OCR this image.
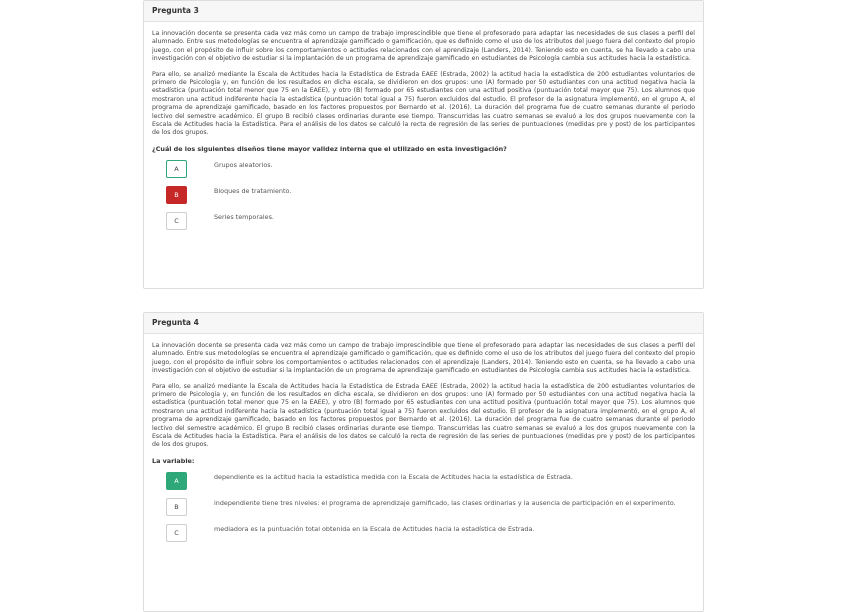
Pregunta 3

La innovación docente se presenta cada vez más como un campo de trabajo imprescindible que tiene el profesorado para adaptar las necesidades de sus clases a perfil del alumnado. Entre sus metodologías se encuentra el aprendizaje gamificado o gamificación, que es definido como el uso de los atributos del juego fuera del contexto del propio juego, con el propósito de influir sobre los comportamientos o actitudes relacionados con el aprendizaje (Landers, 2014). Teniendo esto en cuenta, se ha llevado a cabo una investigación con el objetivo de estudiar si la implantación de un programa de aprendizaje gamificado en estudiantes de Psicología cambia sus actitudes hacia la estadística.

Para ello, se analizó mediante la Escala de Actitudes hacia la Estadística de Estrada EAEE (Estrada, 2002) la actitud hacia la estadística de 200 estudiantes voluntarios de primero de Psicología y, en función de los resultados en dicha escala, se dividieron en dos grupos: uno (A) formado por 50 estudiantes con una actitud negativa hacia la estadística (puntuación total menor que 75 en la EAEE), y otro (B) formado por 65 estudiantes con una actitud positiva (puntuación total mayor que 75). Los alumnos que mostraron una actitud indiferente hacia la estadística (puntuación total igual a 75) fueron excluidos del estudio. El profesor de la asignatura implementó, en el grupo A, el programa de aprendizaje gamificado, basado en los factores propuestos por Bernardo et al. (2016). La duración del programa fue de cuatro semanas durante el periodo lectivo del semestre académico. El grupo B recibió clases ordinarias durante ese tiempo. Transcurridas las cuatro semanas se evaluó a los dos grupos nuevamente con la Escala de Actitudes hacia la Estadística. Para el análisis de los datos se calculó la recta de regresión de las series de puntuaciones (medidas pre y post) de los participantes de los dos grupos.

¿Cuál de los siguientes diseños tiene mayor validez interna que el utilizado en esta investigación?

A	Grupos aleatorios.
B	Bloques de tratamiento.
C	Series temporales.
Pregunta 4

La innovación docente se presenta cada vez más como un campo de trabajo imprescindible que tiene el profesorado para adaptar las necesidades de sus clases a perfil del alumnado. Entre sus metodologías se encuentra el aprendizaje gamificado o gamificación, que es definido como el uso de los atributos del juego fuera del contexto del propio juego, con el propósito de influir sobre los comportamientos o actitudes relacionados con el aprendizaje (Landers, 2014). Teniendo esto en cuenta, se ha llevado a cabo una investigación con el objetivo de estudiar si la implantación de un programa de aprendizaje gamificado en estudiantes de Psicología cambia sus actitudes hacia la estadística.

Para ello, se analizó mediante la Escala de Actitudes hacia la Estadística de Estrada EAEE (Estrada, 2002) la actitud hacia la estadística de 200 estudiantes voluntarios de primero de Psicología y, en función de los resultados en dicha escala, se dividieron en dos grupos: uno (A) formado por 50 estudiantes con una actitud negativa hacia la estadística (puntuación total menor que 75 en la EAEE), y otro (B) formado por 65 estudiantes con una actitud positiva (puntuación total mayor que 75). Los alumnos que mostraron una actitud indiferente hacia la estadística (puntuación total igual a 75) fueron excluidos del estudio. El profesor de la asignatura implementó, en el grupo A, el programa de aprendizaje gamificado, basado en los factores propuestos por Bernardo et al. (2016). La duración del programa fue de cuatro semanas durante el periodo lectivo del semestre académico. El grupo B recibió clases ordinarias durante ese tiempo. Transcurridas las cuatro semanas se evaluó a los dos grupos nuevamente con la Escala de Actitudes hacia la Estadística. Para el análisis de los datos se calculó la recta de regresión de las series de puntuaciones (medidas pre y post) de los participantes de los dos grupos.

La variable:

A	dependiente es la actitud hacia la estadística medida con la Escala de Actitudes hacia la estadística de Estrada.
B	independiente tiene tres niveles: el programa de aprendizaje gamificado, las clases ordinarias y la ausencia de participación en el experimento.
C	mediadora es la puntuación total obtenida en la Escala de Actitudes hacia la estadística de Estrada.
